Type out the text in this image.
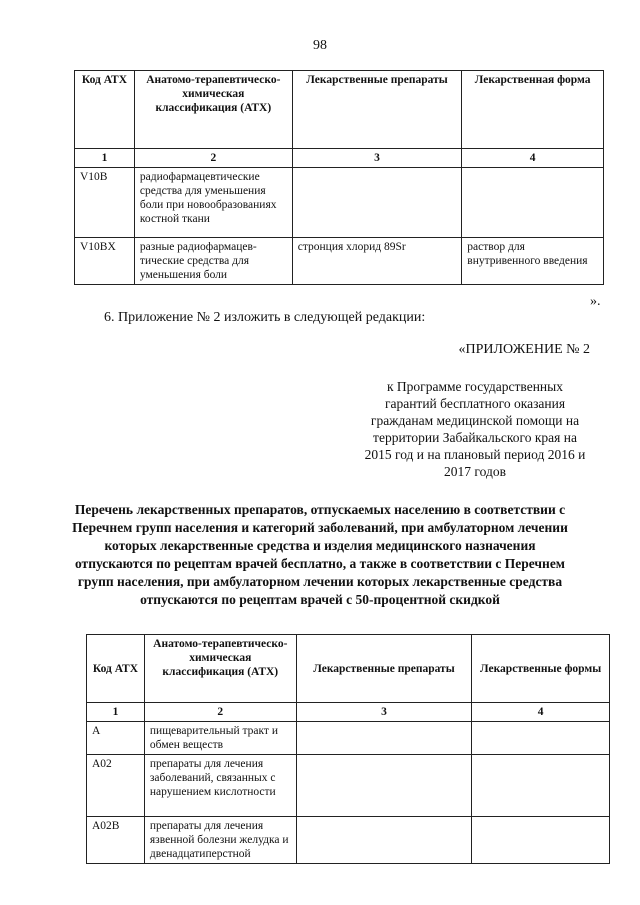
98
Код АТХ	Анатомо-терапевтическо-химическая классификация (АТХ)	Лекарственные препараты	Лекарственная форма
1	2	3	4
V10B	радиофармацевтические средства для уменьшения боли при новообразованиях костной ткани		
V10BX	разные радиофармацев-тические средства для уменьшения боли	стронция хлорид 89Sr	раствор для внутривенного введения
».
6. Приложение № 2 изложить в следующей редакции:
«ПРИЛОЖЕНИЕ № 2
к Программе государственных гарантий бесплатного оказания гражданам медицинской помощи на территории Забайкальского края на 2015 год и на плановый период 2016 и 2017 годов
Перечень лекарственных препаратов, отпускаемых населению в соответствии с Перечнем групп населения и категорий заболеваний, при амбулаторном лечении которых лекарственные средства и изделия медицинского назначения отпускаются по рецептам врачей бесплатно, а также в соответствии с Перечнем групп населения, при амбулаторном лечении которых лекарственные средства отпускаются по рецептам врачей с 50-процентной скидкой
Код АТХ	Анатомо-терапевтическо-химическая классификация (АТХ)	Лекарственные препараты	Лекарственные формы
1	2	3	4
A	пищеварительный тракт и обмен веществ		
A02	препараты для лечения заболеваний, связанных с нарушением кислотности		
A02B	препараты для лечения язвенной болезни желудка и двенадцатиперстной		
